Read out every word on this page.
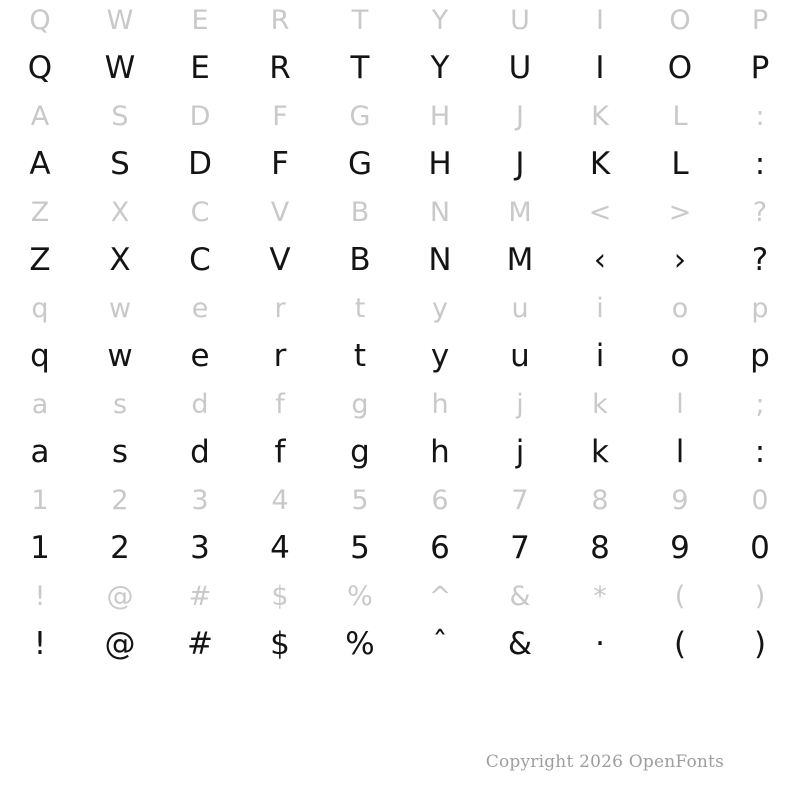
Q
Q
W
W
E
E
R
R
T
T
Y
Y
U
U
I
I
O
O
P
P
A
A
S
S
D
D
F
F
G
G
H
H
J
J
K
K
L
L
:
:
Z
Z
X
X
C
C
V
V
B
B
N
N
M
M
<
‹
>
›
?
?
q
q
w
w
e
e
r
r
t
t
y
y
u
u
i
i
o
o
p
p
a
a
s
s
d
d
f
f
g
g
h
h
j
j
k
k
l
l
;
:
1
1
2
2
3
3
4
4
5
5
6
6
7
7
8
8
9
9
0
0
!
!
@
@
#
#
$
$
%
%
^
ˆ
&
&
*
·
(
(
)
)
Copyright 2026 OpenFonts
